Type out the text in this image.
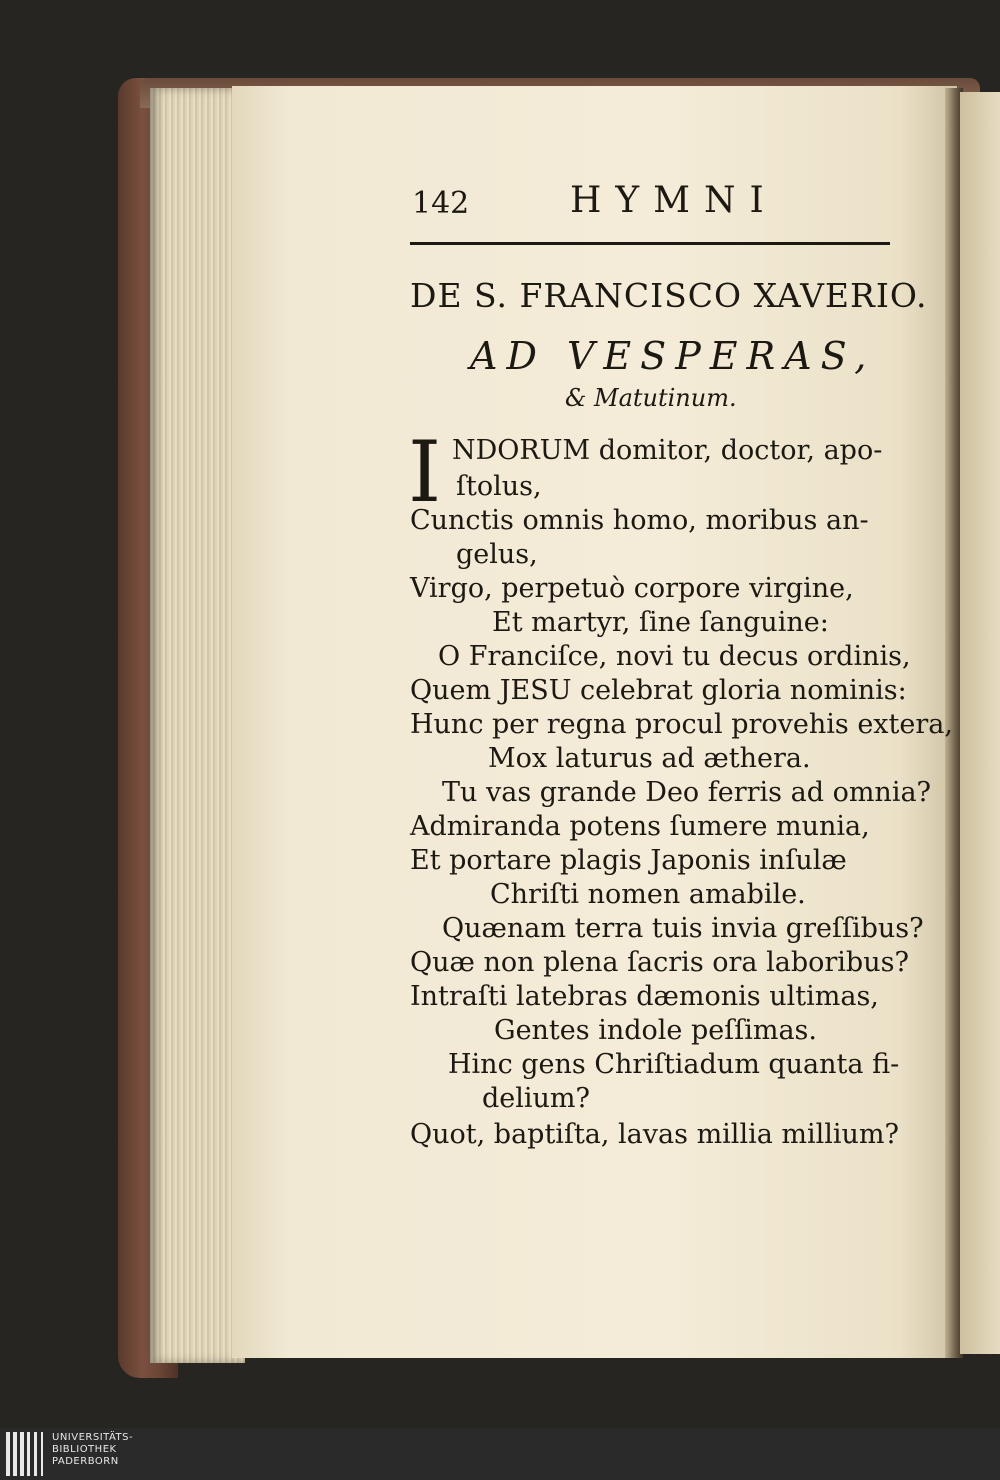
142	HYMNI
DE S. FRANCISCO XAVERIO.
AD VESPERAS,
& Matutinum.
I NDORUM domitor, doctor, apo-
ſtolus,
Cunctis omnis homo, moribus an-
gelus,
Virgo, perpetuò corpore virgine,
Et martyr, ſine ſanguine:
O Franciſce, novi tu decus ordinis,
Quem JESU celebrat gloria nominis:
Hunc per regna procul provehis extera,
Mox laturus ad æthera.
Tu vas grande Deo ferris ad omnia?
Admiranda potens ſumere munia,
Et portare plagis Japonis inſulæ
Chriſti nomen amabile.
Quænam terra tuis invia greſſibus?
Quæ non plena ſacris ora laboribus?
Intraſti latebras dæmonis ultimas,
Gentes indole peſſimas.
Hinc gens Chriſtiadum quanta fi-
delium?
Quot, baptiſta, lavas millia millium?
UNIVERSITÄTS-
BIBLIOTHEK
PADERBORN
